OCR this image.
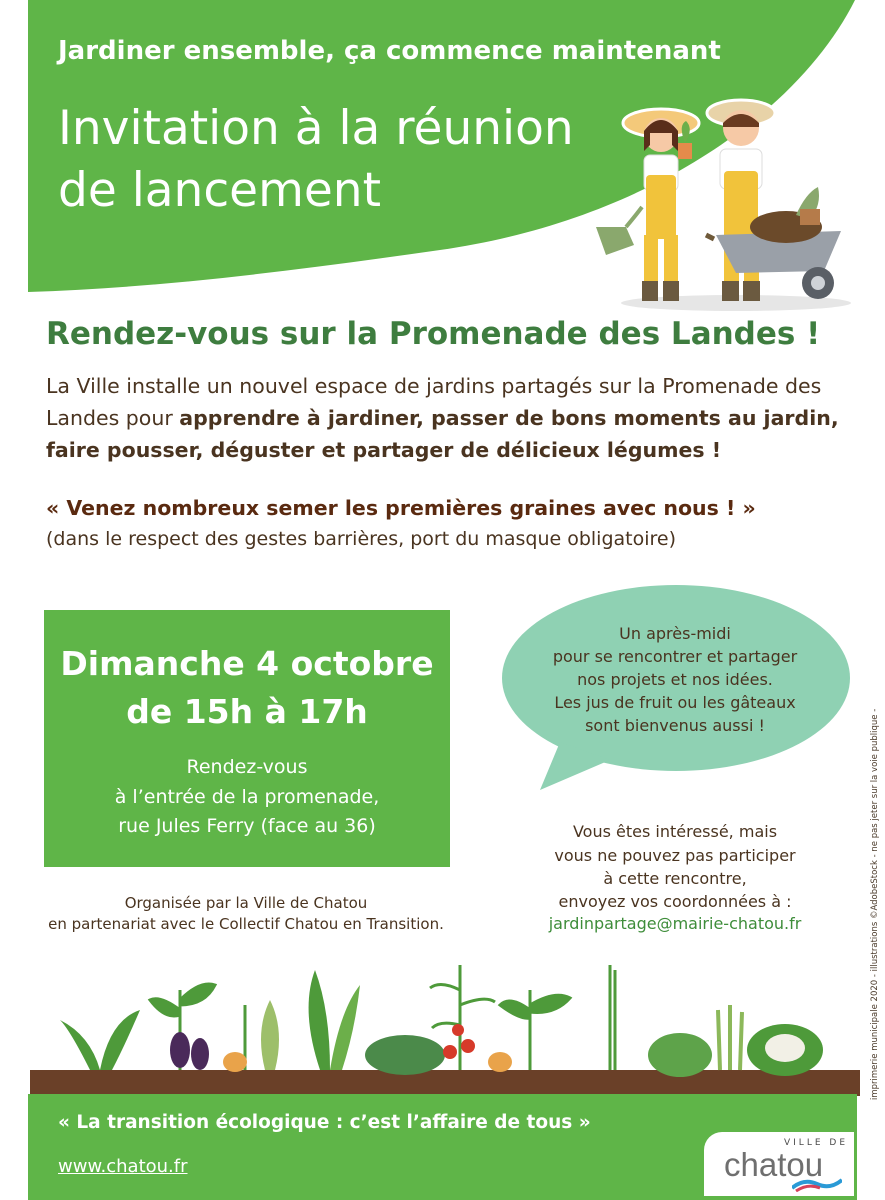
Jardiner ensemble, ça commence maintenant
Invitation à la réunion
de lancement
Rendez-vous sur la Promenade des Landes !
La Ville installe un nouvel espace de jardins partagés sur la Promenade des Landes pour apprendre à jardiner, passer de bons moments au jardin, faire pousser, déguster et partager de délicieux légumes !
« Venez nombreux semer les premières graines avec nous ! »
(dans le respect des gestes barrières, port du masque obligatoire)
Dimanche 4 octobre
de 15h à 17h
Rendez-vous
à l’entrée de la promenade,
rue Jules Ferry (face au 36)
Organisée par la Ville de Chatou
en partenariat avec le Collectif Chatou en Transition.
Un après-midi
pour se rencontrer et partager
nos projets et nos idées.
Les jus de fruit ou les gâteaux
sont bienvenus aussi !
Vous êtes intéressé, mais
vous ne pouvez pas participer
à cette rencontre,
envoyez vos coordonnées à :
jardinpartage@mairie-chatou.fr	imprimerie municipale 2020 - illustrations ©AdobeStock - ne pas jeter sur la voie publique -
« La transition écologique : c’est l’affaire de tous »
www.chatou.fr
VILLE DE
chatou
